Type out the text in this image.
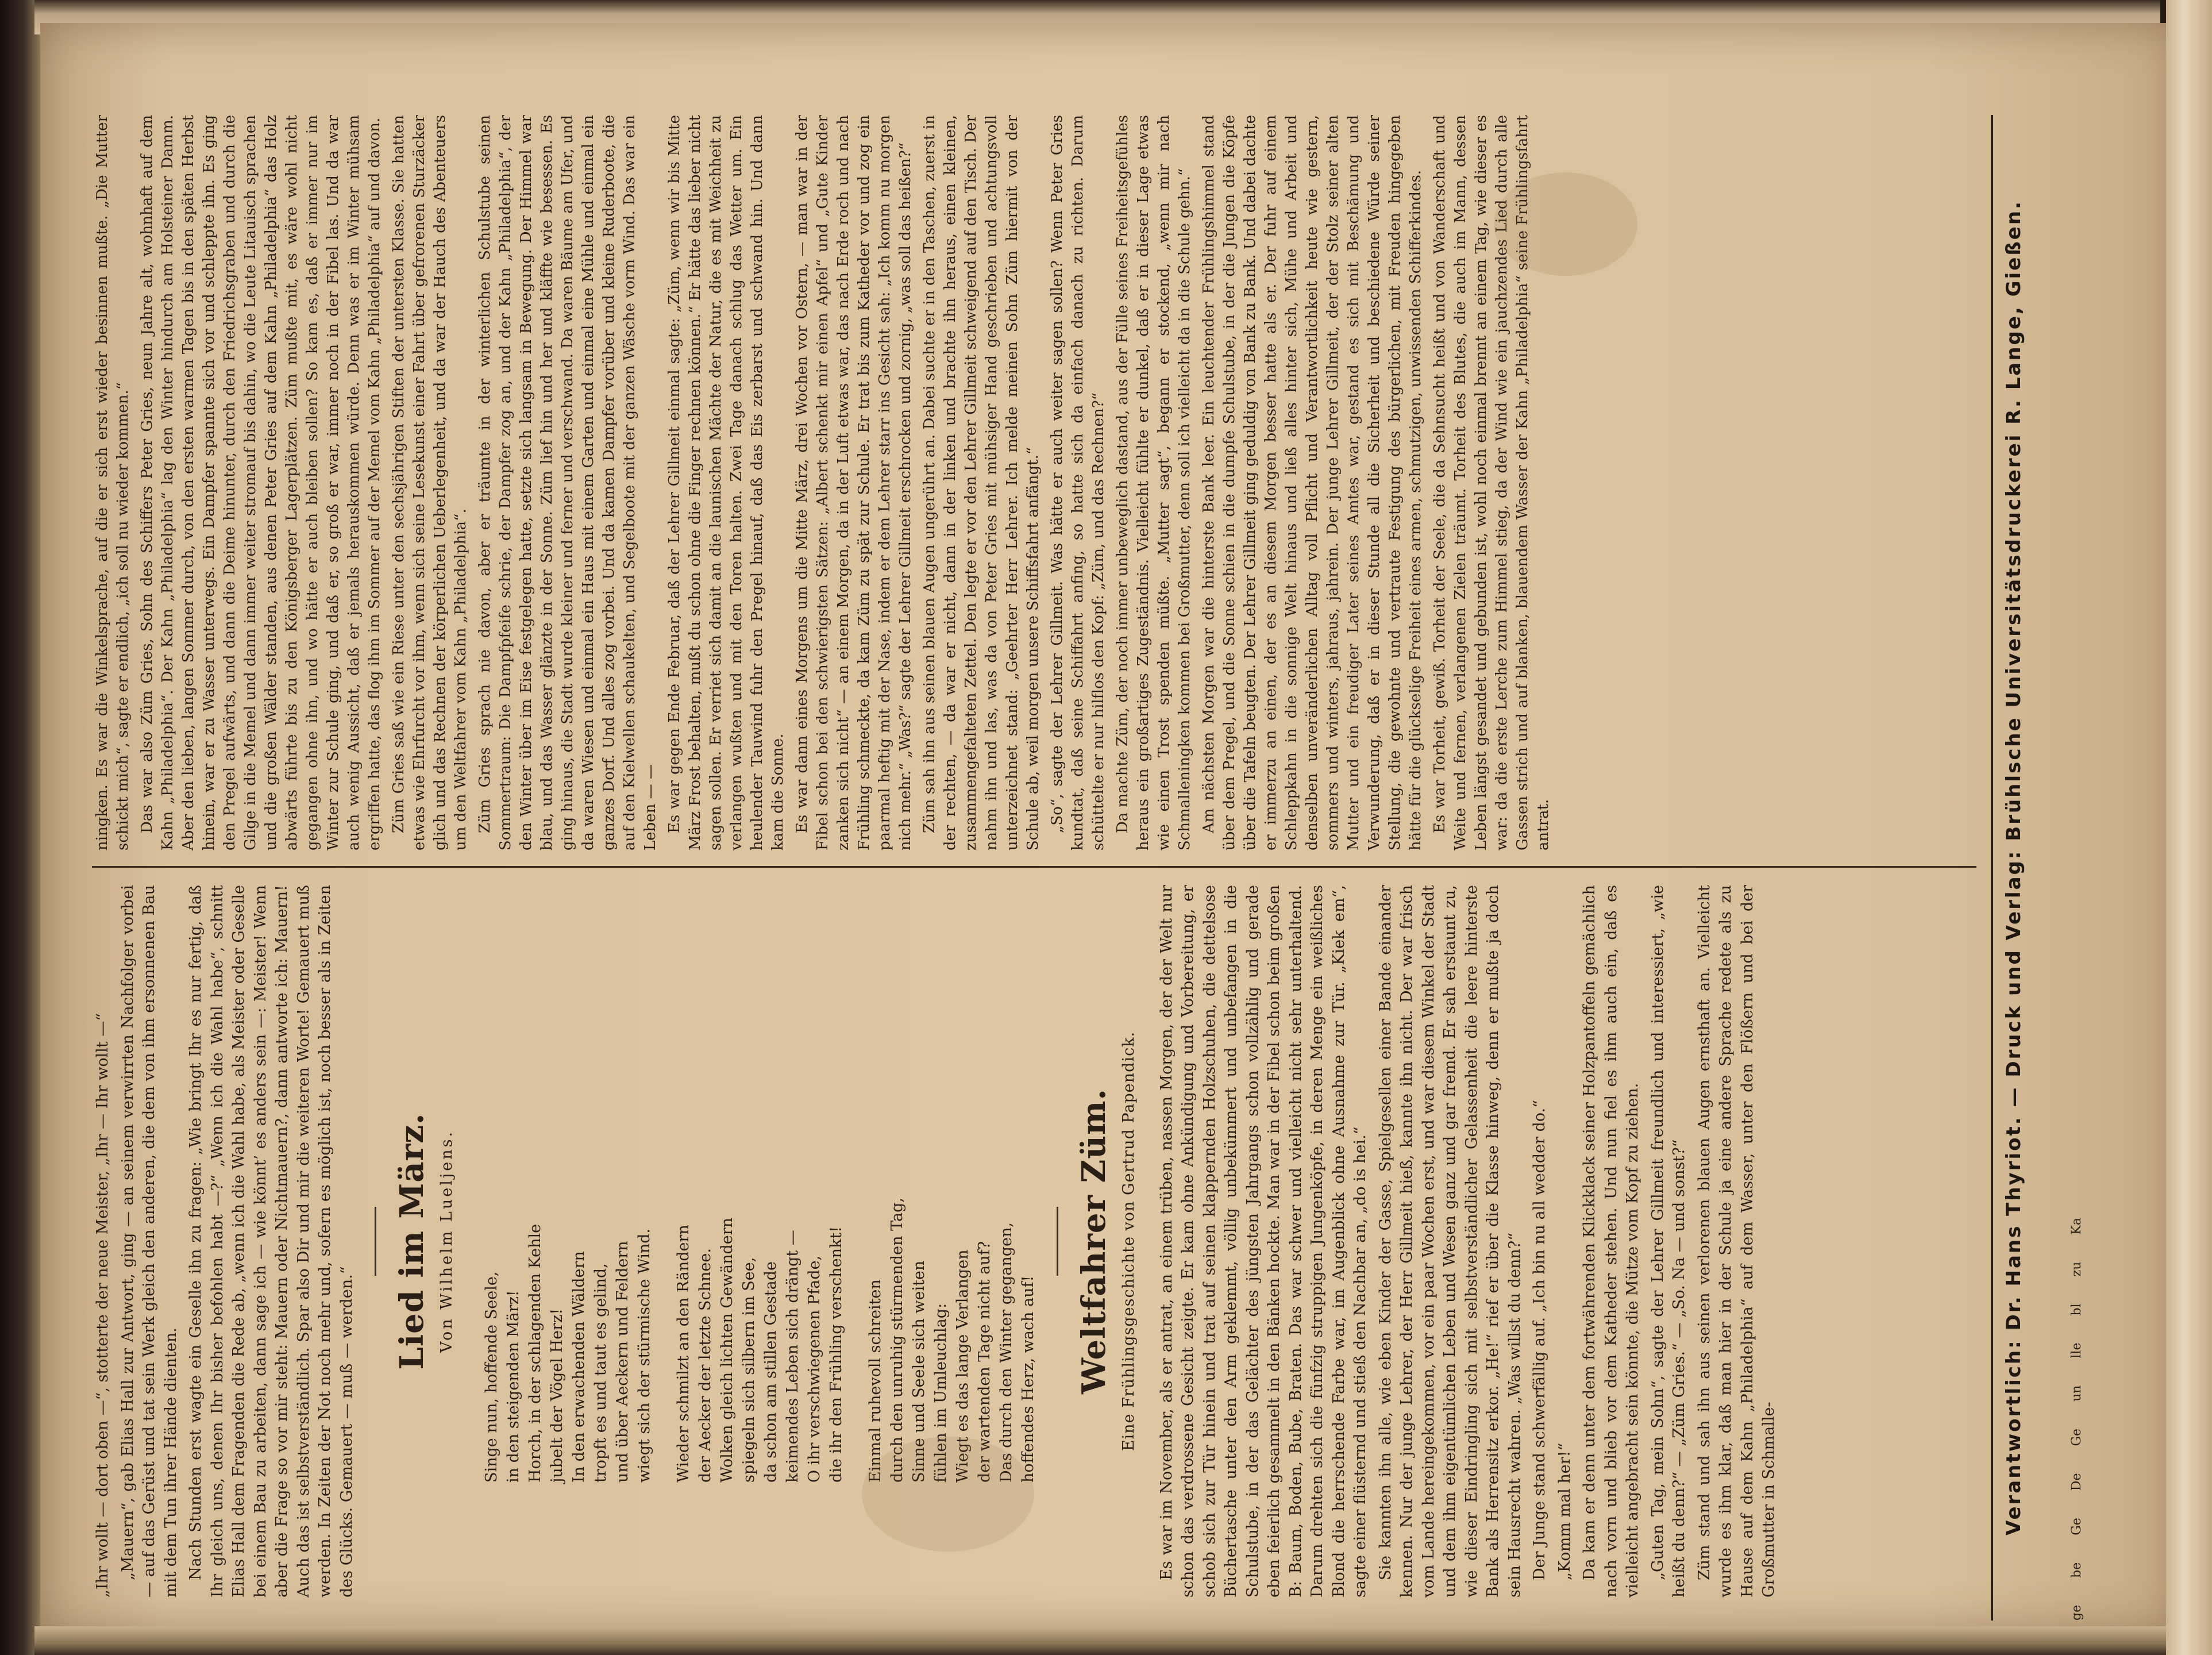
ge be Ge De Ge un lle bl zu Ka

„Ihr wollt — dort oben —“, stotterte der neue Meister, „Ihr — Ihr wollt —“ „Mauern“, gab Elias Hall zur Antwort, ging — an seinem verwirrten Nachfolger vorbei — auf das Gerüst und tat sein Werk gleich den anderen, die dem von ihm ersonnenen Bau mit dem Tun ihrer Hände dienten. Nach Stunden erst wagte ein Geselle ihn zu fragen: „Wie bringt Ihr es nur fertig, daß Ihr gleich uns, denen Ihr bisher befohlen habt —?“ „Wenn ich die Wahl habe“, schnitt Elias Hall dem Fragenden die Rede ab, „wenn ich die Wahl habe, als Meister oder Geselle bei einem Bau zu arbeiten, dann sage ich — wie könnt’ es anders sein —: Meister! Wenn aber die Frage so vor mir steht: Mauern oder Nichtmauern?, dann antworte ich: Mauern! Auch das ist selbstverständlich. Spar also Dir und mir die weiteren Worte! Gemauert muß werden. In Zeiten der Not noch mehr und, sofern es möglich ist, noch besser als in Zeiten des Glücks. Gemauert — muß — werden.“

Lied im März. Von Wilhelm Lueljens.
Singe nun, hoffende Seele, in den steigenden März! Horch, in der schlagenden Kehle jubelt der Vögel Herz! In den erwachenden Wäldern tropft es und taut es gelind, und über Aeckern und Feldern wiegt sich der stürmische Wind. Wieder schmilzt an den Rändern der Aecker der letzte Schnee. Wolken gleich lichten Gewändern spiegeln sich silbern im See, da schon am stillen Gestade keimendes Leben sich drängt — O ihr verschwiegenen Pfade, die ihr den Frühling verschenkt! Einmal ruhevoll schreiten durch den unruhig stürmenden Tag, Sinne und Seele sich weiten fühlen im Umleuchlag: Wiegt es das lange Verlangen der wartenden Tage nicht auf? Das durch den Winter gegangen, hoffendes Herz, wach auf! Weltfahrer Züm. Eine Frühlingsgeschichte von Gertrud Papendick. Es war im November, als er antrat, an einem trüben, nassen Morgen, der der Welt nur schon das verdrossene Gesicht zeigte. Er kam ohne Ankündigung und Vorbereitung, er schob sich zur Tür hinein und trat auf seinen klappernden Holzschuhen, die dettelsose Büchertasche unter den Arm geklemmt, völlig unbekümmert und unbefangen in die Schulstube, in der das Gelächter des jüngsten Jahrgangs schon vollzählig und gerade eben feierlich gesammelt in den Bänken hockte. Man war in der Fibel schon beim großen B: Baum, Boden, Bube, Braten. Das war schwer und vielleicht nicht sehr unterhaltend. Darum drehten sich die fünfzig struppigen Jungenköpfe, in deren Menge ein weißliches Blond die herrschende Farbe war, im Augenblick ohne Ausnahme zur Tür. „Kiek em“, sagte einer flüsternd und stieß den Nachbar an, „do is hei.“ Sie kannten ihn alle, wie eben Kinder der Gasse, Spielgesellen einer Bande einander kennen. Nur der junge Lehrer, der Herr Gillmeit hieß, kannte ihn nicht. Der war frisch vom Lande hereingekommen, vor ein paar Wochen erst, und war diesem Winkel der Stadt und dem ihm eigentümlichen Leben und Wesen ganz und gar fremd. Er sah erstaunt zu, wie dieser Eindringling sich mit selbstverständlicher Gelassenheit die leere hinterste Bank als Herrensitz erkor. „He!“ rief er über die Klasse hinweg, denn er mußte ja doch sein Hausrecht wahren. „Was willst du denn?“ Der Junge stand schwerfällig auf. „Ich bin nu all wedder do.“ „Komm mal her!“ Da kam er denn unter dem fortwährenden Klickklack seiner Holzpantoffeln gemächlich nach vorn und blieb vor dem Katheder stehen. Und nun fiel es ihm auch ein, daß es vielleicht angebracht sein könnte, die Mütze vom Kopf zu ziehen. „Guten Tag, mein Sohn“, sagte der Lehrer Gillmeit freundlich und interessiert, „wie heißt du denn?“ — „Züm Gries.“ — „So. Na — und sonst?“ Züm stand und sah ihn aus seinen verlorenen blauen Augen ernsthaft an. Vielleicht wurde es ihm klar, daß man hier in der Schule ja eine andere Sprache redete als zu Hause auf dem Kahn „Philadelphia“ auf dem Wasser, unter den Flößern und bei der Großmutter in Schmalle-

ningken. Es war die Winkelsprache, auf die er sich erst wieder besinnen mußte. „Die Mutter schickt mich“, sagte er endlich, „ich soll nu wieder kommen.“ Das war also Züm Gries, Sohn des Schiffers Peter Gries, neun Jahre alt, wohnhaft auf dem Kahn „Philadelphia“. Der Kahn „Philadelphia“ lag den Winter hindurch am Holsteiner Damm. Aber den lieben, langen Sommer durch, von den ersten warmen Tagen bis in den späten Herbst hinein, war er zu Wasser unterwegs. Ein Dampfer spannte sich vor und schleppte ihn. Es ging den Pregel aufwärts, und dann die Deime hinunter, durch den Friedrichsgraben und durch die Gilge in die Memel und dann immer weiter stromauf bis dahin, wo die Leute Litauisch sprachen und die großen Wälder standen, aus denen Peter Gries auf dem Kahn „Philadelphia“ das Holz abwärts führte bis zu den Königsberger Lagerplätzen. Züm mußte mit, es wäre wohl nicht gegangen ohne ihn, und wo hätte er auch bleiben sollen? So kam es, daß er immer nur im Winter zur Schule ging, und daß er, so groß er war, immer noch in der Fibel las. Und da war auch wenig Aussicht, daß er jemals herauskommen würde. Denn was er im Winter mühsam ergriffen hatte, das flog ihm im Sommer auf der Memel vom Kahn „Philadelphia“ auf und davon. Züm Gries saß wie ein Riese unter den sechsjährigen Stiften der untersten Klasse. Sie hatten etwas wie Ehrfurcht vor ihm, wenn sich seine Lesekunst einer Fahrt über gefrorenen Sturzäcker glich und das Rechnen der körperlichen Ueberlegenheit, und da war der Hauch des Abenteuers um den Weltfahrer vom Kahn „Philadelphia“. Züm Gries sprach nie davon, aber er träumte in der winterlichen Schulstube seinen Sommertraum: Die Dampfpfeife schrie, der Dampfer zog an, und der Kahn „Philadelphia“, der den Winter über im Eise festgelegen hatte, setzte sich langsam in Bewegung. Der Himmel war blau, und das Wasser glänzte in der Sonne. Züm lief hin und her und kläffte wie besessen. Es ging hinaus, die Stadt wurde kleiner und ferner und verschwand. Da waren Bäume am Ufer, und da waren Wiesen und einmal ein Haus mit einem Garten und einmal eine Mühle und einmal ein ganzes Dorf. Und alles zog vorbei. Und da kamen Dampfer vorüber und kleine Ruderboote, die auf den Kielwellen schaukelten, und Segelboote mit der ganzen Wäsche vorm Wind. Das war ein Leben — — Es war gegen Ende Februar, daß der Lehrer Gillmeit einmal sagte: „Züm, wenn wir bis Mitte März Frost behalten, mußt du schon ohne die Finger rechnen können.“ Er hätte das lieber nicht sagen sollen. Er verriet sich damit an die launischen Mächte der Natur, die es mit Weichheit zu verlangen wußten und mit den Toren halten. Zwei Tage danach schlug das Wetter um. Ein heulender Tauwind fuhr den Pregel hinauf, daß das Eis zerbarst und schwand hin. Und dann kam die Sonne. Es war dann eines Morgens um die Mitte März, drei Wochen vor Ostern, — man war in der Fibel schon bei den schwierigsten Sätzen: „Albert schenkt mir einen Apfel“ und „Gute Kinder zanken sich nicht“ — an einem Morgen, da in der Luft etwas war, das nach Erde roch und nach Frühling schmeckte, da kam Züm zu spät zur Schule. Er trat bis zum Katheder vor und zog ein paarmal heftig mit der Nase, indem er dem Lehrer starr ins Gesicht sah: „Ich komm nu morgen nich mehr.“ „Was?“ sagte der Lehrer Gillmeit erschrocken und zornig, „was soll das heißen?“ Züm sah ihn aus seinen blauen Augen ungerührt an. Dabei suchte er in den Taschen, zuerst in der rechten, — da war er nicht, dann in der linken und brachte ihn heraus, einen kleinen, zusammengefalteten Zettel. Den legte er vor den Lehrer Gillmeit schweigend auf den Tisch. Der nahm ihn und las, was da von Peter Gries mit mühsiger Hand geschrieben und achtungsvoll unterzeichnet stand: „Geehrter Herr Lehrer. Ich melde meinen Sohn Züm hiermit von der Schule ab, weil morgen unsere Schiffsfahrt anfängt.“ „So“, sagte der Lehrer Gillmeit. Was hätte er auch weiter sagen sollen? Wenn Peter Gries kundtat, daß seine Schiffahrt anfing, so hatte sich da einfach danach zu richten. Darum schüttelte er nur hilflos den Kopf: „Züm, und das Rechnen?“ Da machte Züm, der noch immer unbeweglich dastand, aus der Fülle seines Freiheitsgefühles heraus ein großartiges Zugeständnis. Vielleicht fühlte er dunkel, daß er in dieser Lage etwas wie einen Trost spenden müßte. „Mutter sagt“, begann er stockend, „wenn mir nach Schmalleningken kommen bei Großmutter, denn soll ich vielleicht da in die Schule gehn.“ Am nächsten Morgen war die hinterste Bank leer. Ein leuchtender Frühlingshimmel stand über dem Pregel, und die Sonne schien in die dumpfe Schulstube, in der die Jungen die Köpfe über die Tafeln beugten. Der Lehrer Gillmeit ging geduldig von Bank zu Bank. Und dabei dachte er immerzu an einen, der es an diesem Morgen besser hatte als er. Der fuhr auf einem Schleppkahn in die sonnige Welt hinaus und ließ alles hinter sich, Mühe und Arbeit und denselben unveränderlichen Alltag voll Pflicht und Verantwortlichkeit heute wie gestern, sommers und winters, jahraus, jahrein. Der junge Lehrer Gillmeit, der der Stolz seiner alten Mutter und ein freudiger Later seines Amtes war, gestand es sich mit Beschämung und Verwunderung, daß er in dieser Stunde all die Sicherheit und beschiedene Würde seiner Stellung, die gewohnte und vertraute Festigung des bürgerlichen, mit Freuden hingegeben hätte für die glückselige Freiheit eines armen, schmutzigen, unwissenden Schifferkindes. Es war Torheit, gewiß. Torheit der Seele, die da Sehnsucht heißt und von Wanderschaft und Weite und fernen, verlangenen Zielen träumt. Torheit des Blutes, die auch im Mann, dessen Leben längst gesandet und gebunden ist, wohl noch einmal brennt an einem Tag, wie dieser es war: da die erste Lerche zum Himmel stieg, da der Wind wie ein jauchzendes Lied durch alle Gassen strich und auf blanken, blauendem Wasser der Kahn „Philadelphia“ seine Frühlingsfahrt antrat.	Verantwortlich: Dr. Hans Thyriot. — Druck und Verlag: Brühlsche Universitätsdruckerei R. Lange, Gießen.
